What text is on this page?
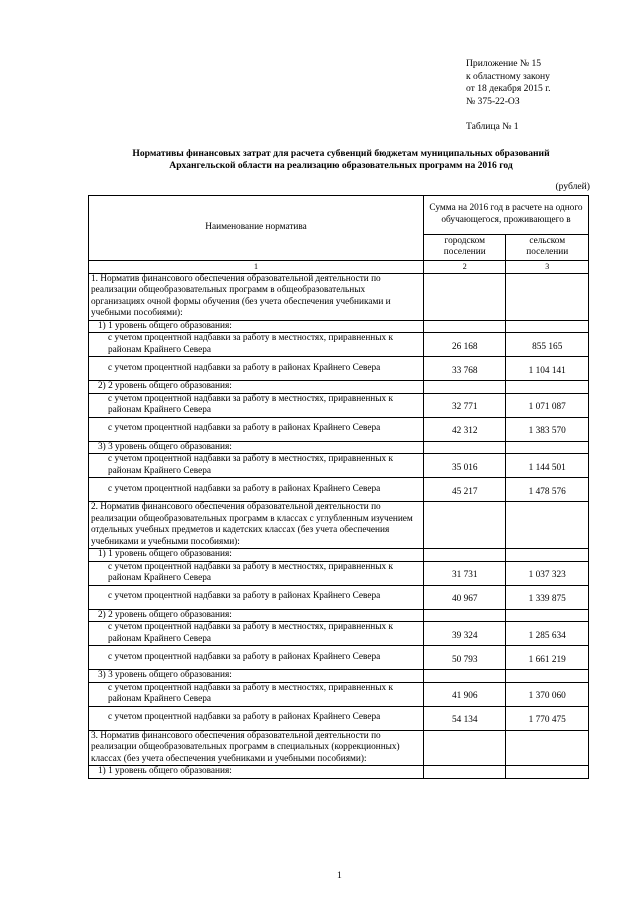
Приложение № 15
к областному закону
от 18 декабря 2015 г.
№ 375-22-ОЗ
Таблица № 1
Нормативы финансовых затрат для расчета субвенций бюджетам муниципальных образований
Архангельской области на реализацию образовательных программ на 2016 год
(рублей)
Наименование норматива	Сумма на 2016 год в расчете на одного обучающегося, проживающего в	
	городском поселении	сельском поселении
1	2	3
1. Норматив финансового обеспечения образовательной деятельности по реализации общеобразовательных программ в общеобразовательных организациях очной формы обучения (без учета обеспечения учебниками и учебными пособиями):		
1) 1 уровень общего образования:		
с учетом процентной надбавки за работу в местностях, приравненных к районам Крайнего Севера	26 168	855 165
с учетом процентной надбавки за работу в районах Крайнего Севера	33 768	1 104 141
2) 2 уровень общего образования:		
с учетом процентной надбавки за работу в местностях, приравненных к районам Крайнего Севера	32 771	1 071 087
с учетом процентной надбавки за работу в районах Крайнего Севера	42 312	1 383 570
3) 3 уровень общего образования:		
с учетом процентной надбавки за работу в местностях, приравненных к районам Крайнего Севера	35 016	1 144 501
с учетом процентной надбавки за работу в районах Крайнего Севера	45 217	1 478 576
2. Норматив финансового обеспечения образовательной деятельности по реализации общеобразовательных программ в классах с углубленным изучением отдельных учебных предметов и кадетских классах (без учета обеспечения учебниками и учебными пособиями):		
1) 1 уровень общего образования:		
с учетом процентной надбавки за работу в местностях, приравненных к районам Крайнего Севера	31 731	1 037 323
с учетом процентной надбавки за работу в районах Крайнего Севера	40 967	1 339 875
2) 2 уровень общего образования:		
с учетом процентной надбавки за работу в местностях, приравненных к районам Крайнего Севера	39 324	1 285 634
с учетом процентной надбавки за работу в районах Крайнего Севера	50 793	1 661 219
3) 3 уровень общего образования:		
с учетом процентной надбавки за работу в местностях, приравненных к районам Крайнего Севера	41 906	1 370 060
с учетом процентной надбавки за работу в районах Крайнего Севера	54 134	1 770 475
3. Норматив финансового обеспечения образовательной деятельности по реализации общеобразовательных программ в специальных (коррекционных) классах (без учета обеспечения учебниками и учебными пособиями):		
1) 1 уровень общего образования:		
1
